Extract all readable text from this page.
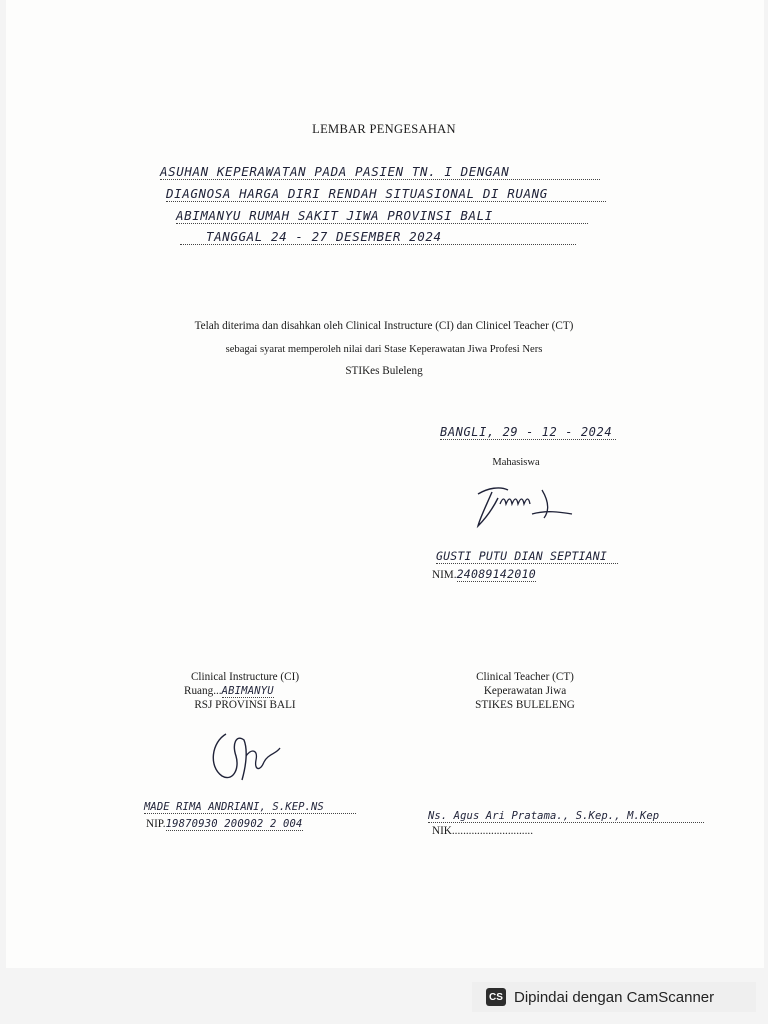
LEMBAR PENGESAHAN
ASUHAN KEPERAWATAN PADA PASIEN TN. I DENGAN
DIAGNOSA HARGA DIRI RENDAH SITUASIONAL DI RUANG
ABIMANYU RUMAH SAKIT JIWA PROVINSI BALI
TANGGAL 24 - 27 DESEMBER 2024
Telah diterima dan disahkan oleh Clinical Instructure (CI) dan Clinicel Teacher (CT)
sebagai syarat memperoleh nilai dari Stase Keperawatan Jiwa Profesi Ners
STIKes Buleleng
BANGLI, 29 - 12 - 2024
Mahasiswa
GUSTI PUTU DIAN SEPTIANI
NIM.24089142010
Clinical Instructure (CI)
Ruang...ABIMANYU
RSJ PROVINSI BALI
MADE RIMA ANDRIANI, S.KEP.NS
NIP.19870930 200902 2 004
Clinical Teacher (CT)
Keperawatan Jiwa
STIKES BULELENG
Ns. Agus Ari Pratama., S.Kep., M.Kep
NIK.............................
CS Dipindai dengan CamScanner
